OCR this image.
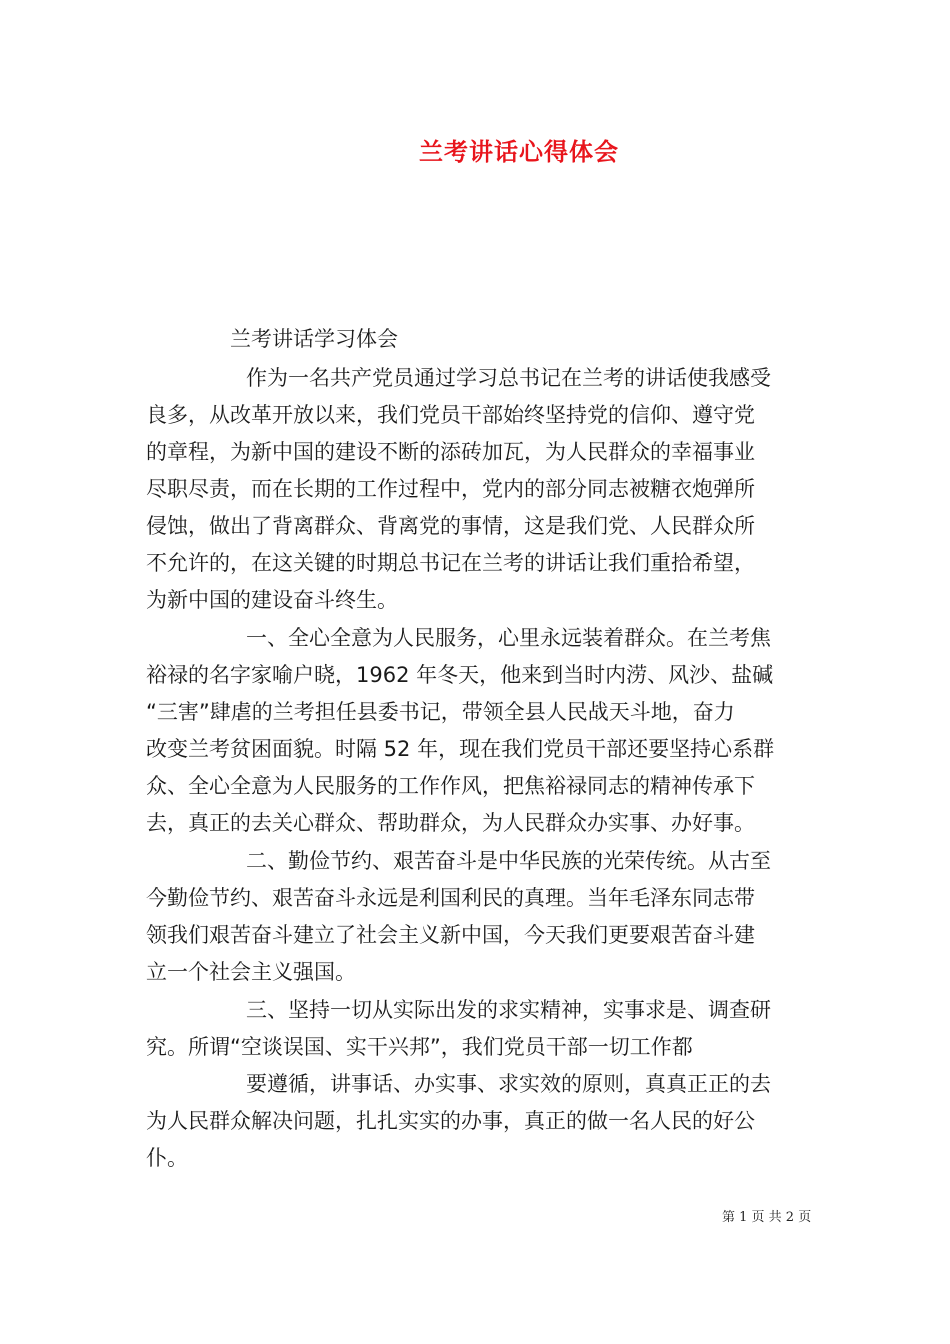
兰考讲话心得体会
兰考讲话学习体会
作为一名共产党员通过学习总书记在兰考的讲话使我感受
良多，从改革开放以来，我们党员干部始终坚持党的信仰、遵守党
的章程，为新中国的建设不断的添砖加瓦，为人民群众的幸福事业
尽职尽责，而在长期的工作过程中，党内的部分同志被糖衣炮弹所
侵蚀，做出了背离群众、背离党的事情，这是我们党、人民群众所
不允许的，在这关键的时期总书记在兰考的讲话让我们重拾希望，
为新中国的建设奋斗终生。
一、全心全意为人民服务，心里永远装着群众。在兰考焦
裕禄的名字家喻户晓，1962 年冬天，他来到当时内涝、风沙、盐碱
“三害”肆虐的兰考担任县委书记，带领全县人民战天斗地，奋力
改变兰考贫困面貌。时隔 52 年，现在我们党员干部还要坚持心系群
众、全心全意为人民服务的工作作风，把焦裕禄同志的精神传承下
去，真正的去关心群众、帮助群众，为人民群众办实事、办好事。
二、勤俭节约、艰苦奋斗是中华民族的光荣传统。从古至
今勤俭节约、艰苦奋斗永远是利国利民的真理。当年毛泽东同志带
领我们艰苦奋斗建立了社会主义新中国，今天我们更要艰苦奋斗建
立一个社会主义强国。
三、坚持一切从实际出发的求实精神，实事求是、调查研
究。所谓“空谈误国、实干兴邦”，我们党员干部一切工作都
要遵循，讲事话、办实事、求实效的原则，真真正正的去
为人民群众解决问题，扎扎实实的办事，真正的做一名人民的好公
仆。
第 1 页 共 2 页
